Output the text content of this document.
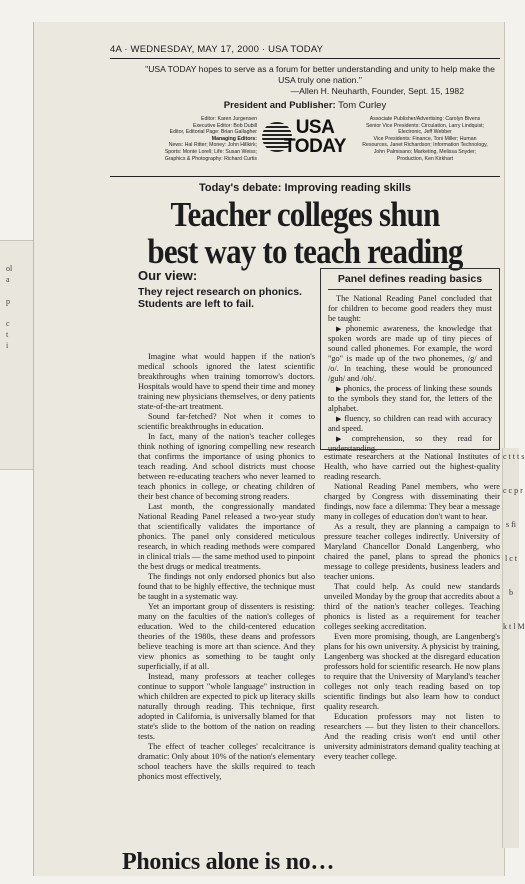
ol
a

p

c
t
i
c t t t s

c c p r

s fi

l c t

b

k t l M
4A · WEDNESDAY, MAY 17, 2000 · USA TODAY
"USA TODAY hopes to serve as a forum for better understanding and unity to help make the USA truly one nation."
—Allen H. Neuharth, Founder, Sept. 15, 1982
President and Publisher: Tom Curley
Editor: Karen Jurgensen
Executive Editor: Bob Dubill
Editor, Editorial Page: Brian Gallagher
Managing Editors:
News: Hal Ritter; Money: John Hillkirk;
Sports: Monte Lorell; Life: Susan Weiss;
Graphics & Photography: Richard Curtis
USA
TODAY
Associate Publisher/Advertising: Carolyn Bivens
Senior Vice Presidents: Circulation, Larry Lindquist;
Electronic, Jeff Webber
Vice Presidents: Finance, Toni Miller; Human
Resources, Janet Richardson; Information Technology,
John Palmisano; Marketing, Melissa Snyder;
Production, Ken Kirkhart
Today's debate: Improving reading skills
Teacher colleges shun
best way to teach reading
Our view:
They reject research on phonics. Students are left to fail.

Imagine what would happen if the nation's medical schools ignored the latest scientific breakthroughs when training tomorrow's doctors. Hospitals would have to spend their time and money training new physicians themselves, or deny patients state-of-the-art treatment.

Sound far-fetched? Not when it comes to scientific breakthroughs in education.

In fact, many of the nation's teacher colleges think nothing of ignoring compelling new research that confirms the importance of using phonics to teach reading. And school districts must choose between re-educating teachers who never learned to teach phonics in college, or cheating children of their best chance of becoming strong readers.

Last month, the congressionally mandated National Reading Panel released a two-year study that scientifically validates the importance of phonics. The panel only considered meticulous research, in which reading methods were compared in clinical trials — the same method used to pinpoint the best drugs or medical treatments.

The findings not only endorsed phonics but also found that to be highly effective, the technique must be taught in a systematic way.

Yet an important group of dissenters is resisting: many on the faculties of the nation's colleges of education. Wed to the child-centered education theories of the 1980s, these deans and professors believe teaching is more art than science. And they view phonics as something to be taught only superficially, if at all.

Instead, many professors at teacher colleges continue to support "whole language" instruction in which children are expected to pick up literacy skills naturally through reading. This technique, first adopted in California, is universally blamed for that state's slide to the bottom of the nation on reading tests.

The effect of teacher colleges' recalcitrance is dramatic: Only about 10% of the nation's elementary school teachers have the skills required to teach phonics most effectively,

Panel defines reading basics

The National Reading Panel concluded that for children to become good readers they must be taught:

▶ phonemic awareness, the knowledge that spoken words are made up of tiny pieces of sound called phonemes. For example, the word "go" is made up of the two phonemes, /g/ and /o/. In teaching, these would be pronounced /guh/ and /oh/.

▶ phonics, the process of linking these sounds to the symbols they stand for, the letters of the alphabet.

▶ fluency, so children can read with accuracy and speed.

▶ comprehension, so they read for understanding.

estimate researchers at the National Institutes of Health, who have carried out the highest-quality reading research.

National Reading Panel members, who were charged by Congress with disseminating their findings, now face a dilemma: They bear a message many in colleges of education don't want to hear.

As a result, they are planning a campaign to pressure teacher colleges indirectly. University of Maryland Chancellor Donald Langenberg, who chaired the panel, plans to spread the phonics message to college presidents, business leaders and teacher unions.

That could help. As could new standards unveiled Monday by the group that accredits about a third of the nation's teacher colleges. Teaching phonics is listed as a requirement for teacher colleges seeking accreditation.

Even more promising, though, are Langenberg's plans for his own university. A physicist by training, Langenberg was shocked at the disregard education professors hold for scientific research. He now plans to require that the University of Maryland's teacher colleges not only teach reading based on top scientific findings but also learn how to conduct quality research.

Education professors may not listen to researchers — but they listen to their chancellors. And the reading crisis won't end until other university administrators demand quality teaching at every teacher college.

Phonics alone is no…
